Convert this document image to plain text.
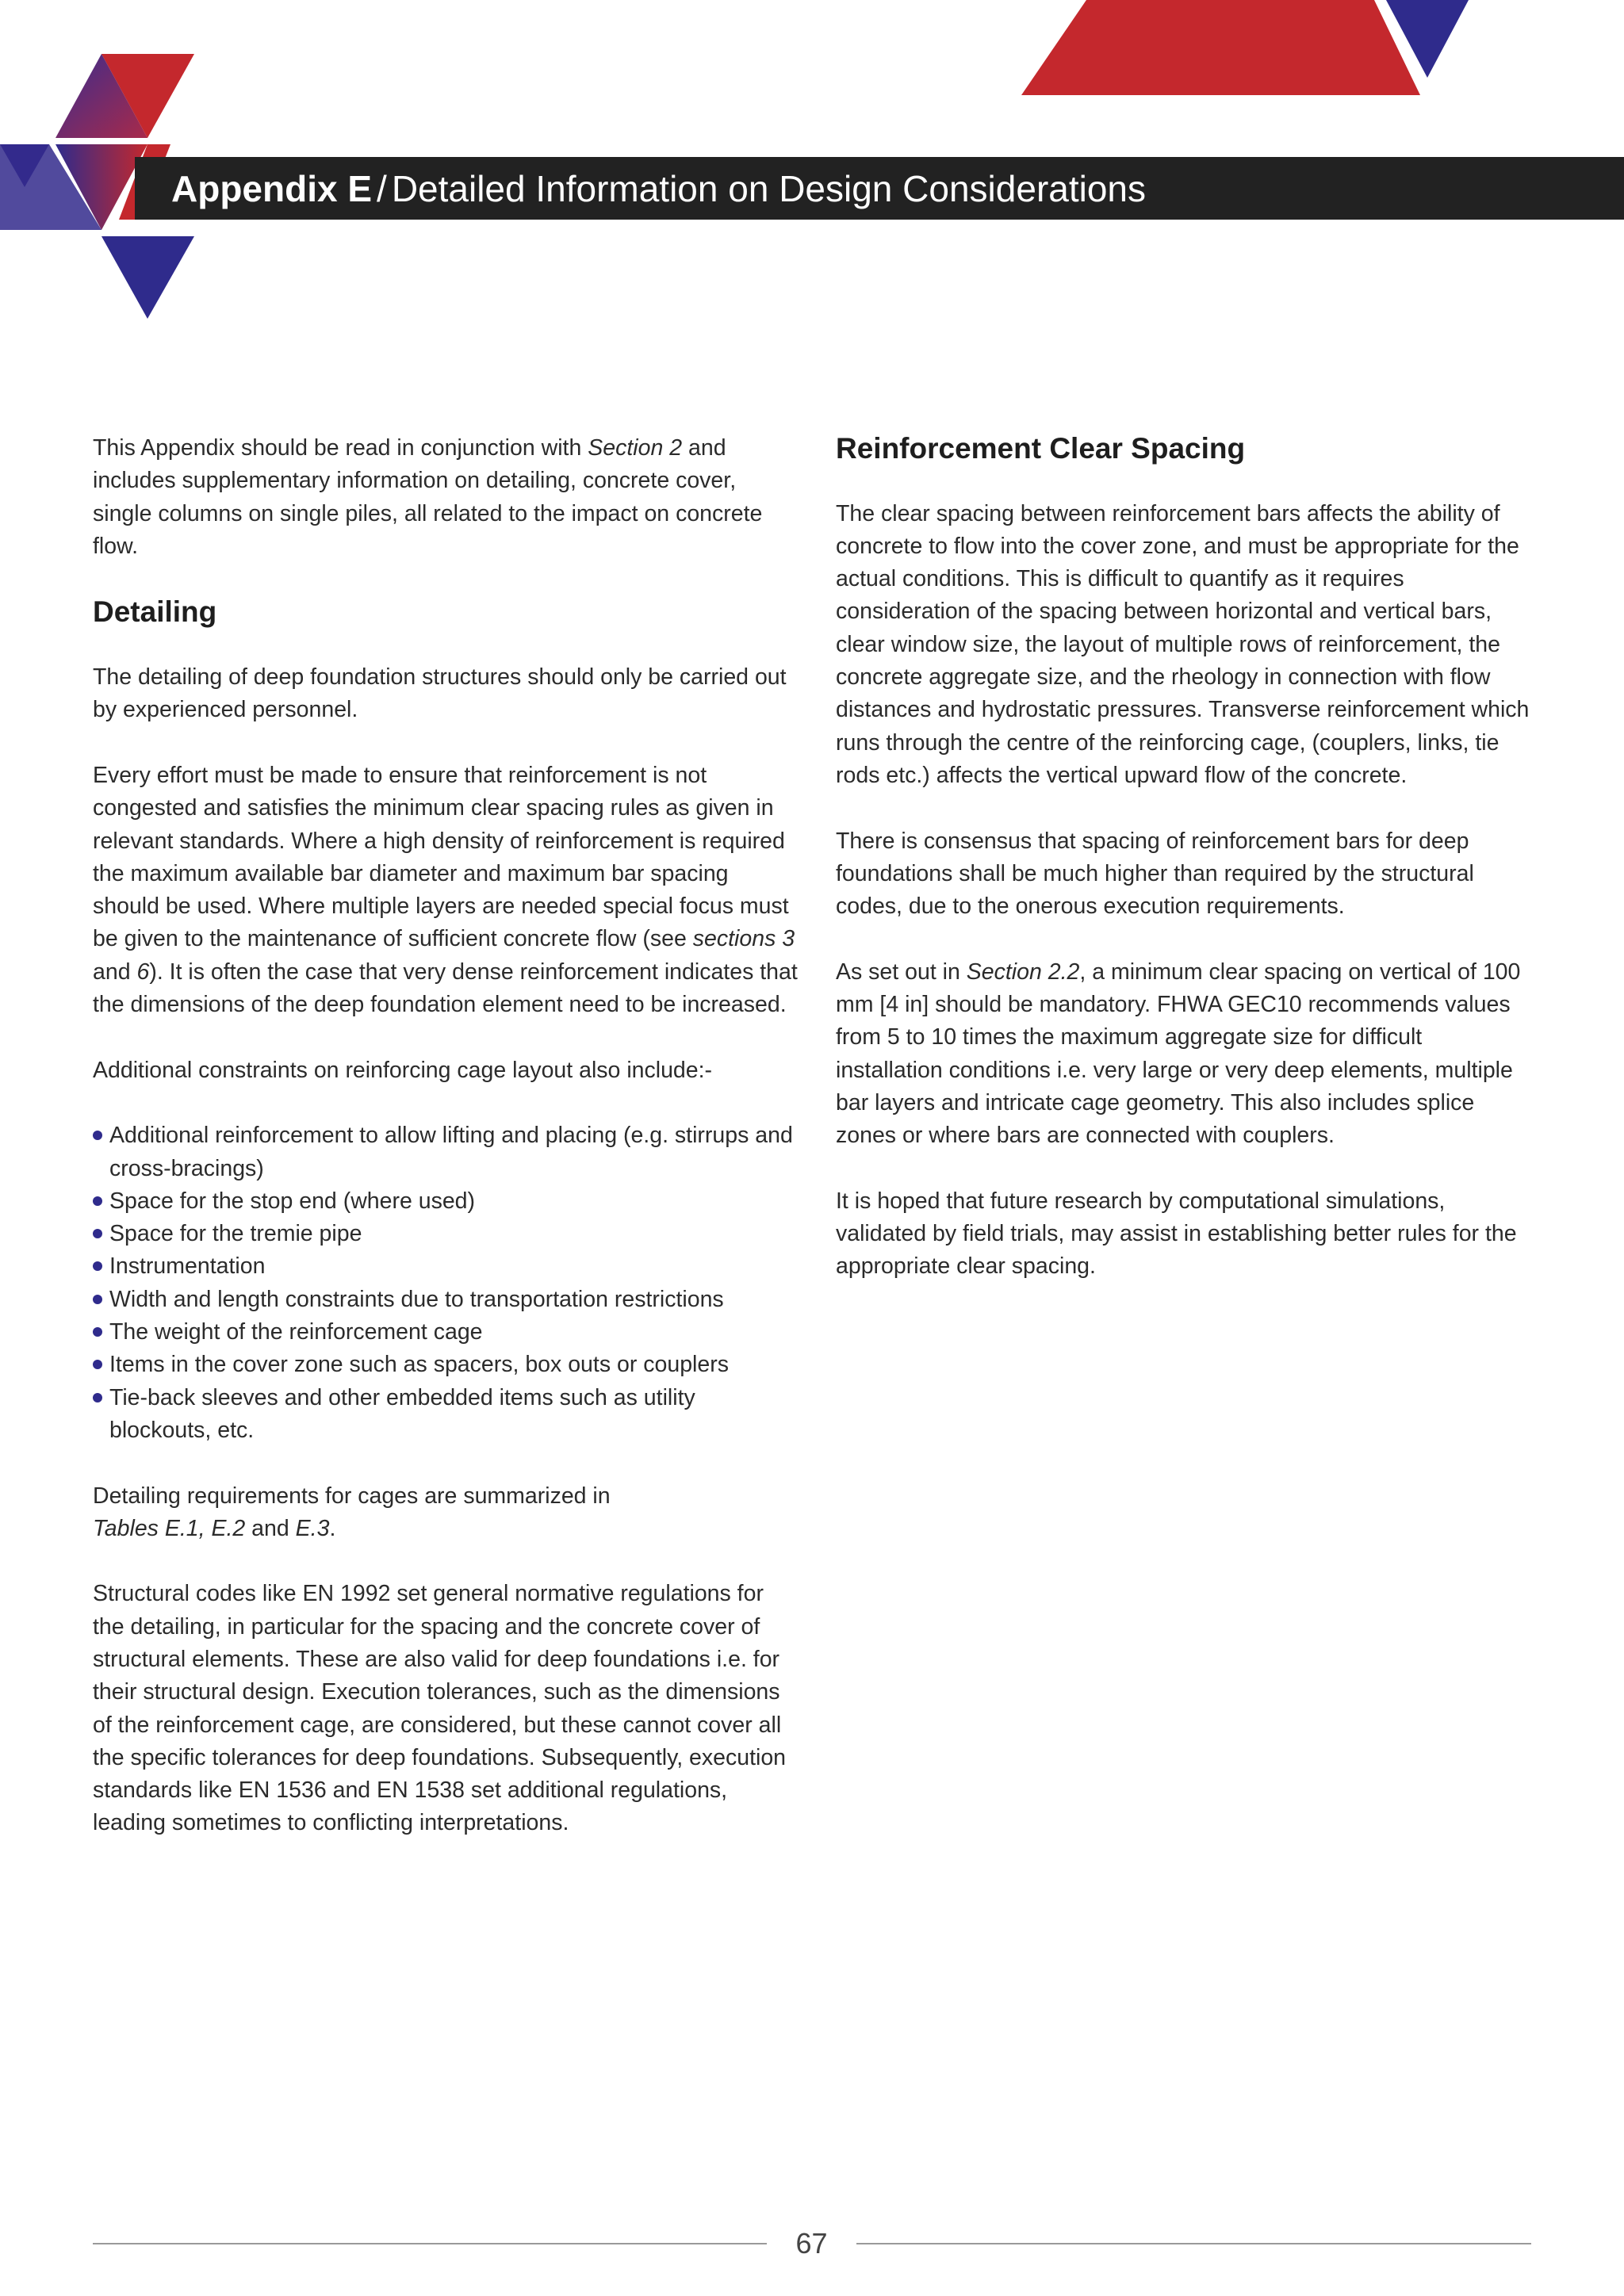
Appendix E / Detailed Information on Design Considerations

This Appendix should be read in conjunction with Section 2 and includes supplementary information on detailing, concrete cover, single columns on single piles, all related to the impact on concrete flow.

Detailing

The detailing of deep foundation structures should only be carried out by experienced personnel.

Every effort must be made to ensure that reinforcement is not congested and satisfies the minimum clear spacing rules as given in relevant standards. Where a high density of reinforcement is required the maximum available bar diameter and maximum bar spacing should be used. Where multiple layers are needed special focus must be given to the maintenance of sufficient concrete flow (see sections 3 and 6). It is often the case that very dense reinforcement indicates that the dimensions of the deep foundation element need to be increased.

Additional constraints on reinforcing cage layout also include:-

Additional reinforcement to allow lifting and placing (e.g. stirrups and cross-bracings)
Space for the stop end (where used)
Space for the tremie pipe
Instrumentation
Width and length constraints due to transportation restrictions
The weight of the reinforcement cage
Items in the cover zone such as spacers, box outs or couplers
Tie-back sleeves and other embedded items such as utility blockouts, etc.

Detailing requirements for cages are summarized in
Tables E.1, E.2 and E.3.

Structural codes like EN 1992 set general normative regulations for the detailing, in particular for the spacing and the concrete cover of structural elements. These are also valid for deep foundations i.e. for their structural design. Execution tolerances, such as the dimensions of the reinforcement cage, are considered, but these cannot cover all the specific tolerances for deep foundations. Subsequently, execution standards like EN 1536 and EN 1538 set additional regulations, leading sometimes to conflicting interpretations.

Reinforcement Clear Spacing

The clear spacing between reinforcement bars affects the ability of concrete to flow into the cover zone, and must be appropriate for the actual conditions. This is difficult to quantify as it requires consideration of the spacing between horizontal and vertical bars, clear window size, the layout of multiple rows of reinforcement, the concrete aggregate size, and the rheology in connection with flow distances and hydrostatic pressures. Transverse reinforcement which runs through the centre of the reinforcing cage, (couplers, links, tie rods etc.) affects the vertical upward flow of the concrete.

There is consensus that spacing of reinforcement bars for deep foundations shall be much higher than required by the structural codes, due to the onerous execution requirements.

As set out in Section 2.2, a minimum clear spacing on vertical of 100 mm [4 in] should be mandatory. FHWA GEC10 recommends values from 5 to 10 times the maximum aggregate size for difficult installation conditions i.e. very large or very deep elements, multiple bar layers and intricate cage geometry. This also includes splice zones or where bars are connected with couplers.

It is hoped that future research by computational simulations, validated by field trials, may assist in establishing better rules for the appropriate clear spacing.

67
